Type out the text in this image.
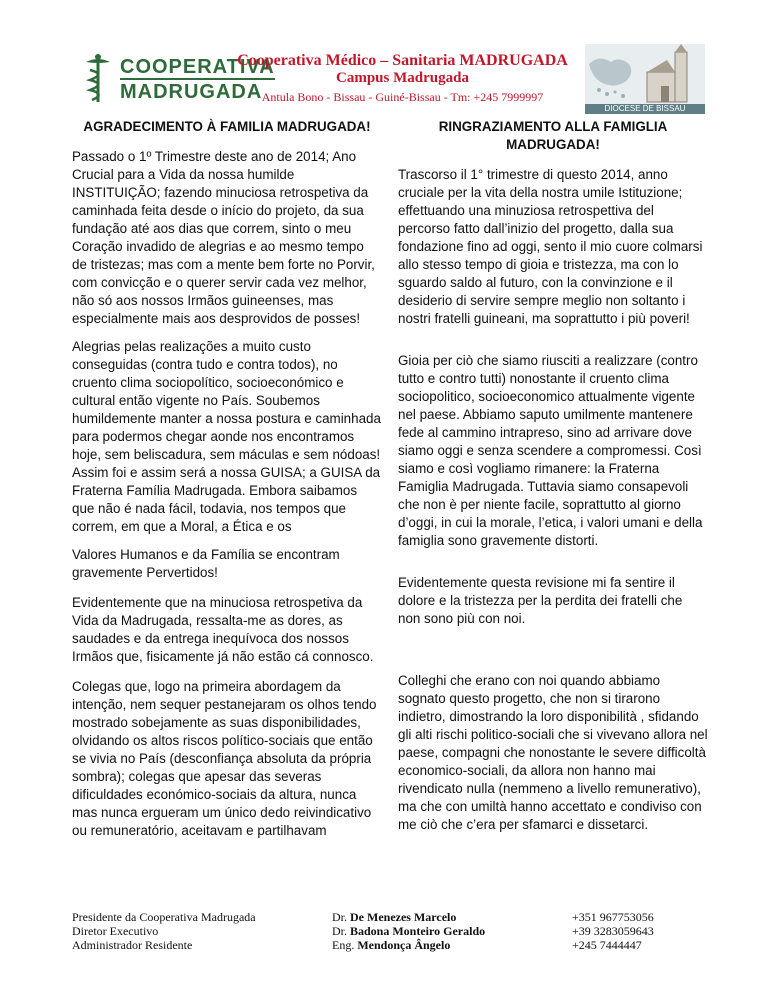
COOPERATIVA
MADRUGADA
Cooperativa Médico – Sanitaria MADRUGADA
Campus Madrugada
Antula Bono - Bissau - Guiné-Bissau - Tm: +245 7999997
DIOCESE DE BISSAU
AGRADECIMENTO À FAMILIA MADRUGADA!

Passado o 1º Trimestre deste ano de 2014; Ano Crucial para a Vida da nossa humilde INSTITUIÇÃO; fazendo minuciosa retrospetiva da caminhada feita desde o início do projeto, da sua fundação até aos dias que correm, sinto o meu Coração invadido de alegrias e ao mesmo tempo de tristezas; mas com a mente bem forte no Porvir, com convicção e o querer servir cada vez melhor, não só aos nossos Irmãos guineenses, mas especialmente mais aos desprovidos de posses!

Alegrias pelas realizações a muito custo conseguidas (contra tudo e contra todos), no cruento clima sociopolítico, socioeconómico e cultural então vigente no País. Soubemos humildemente manter a nossa postura e caminhada para podermos chegar aonde nos encontramos hoje, sem beliscadura, sem máculas e sem nódoas! Assim foi e assim será a nossa GUISA; a GUISA da Fraterna Família Madrugada. Embora saibamos que não é nada fácil, todavia, nos tempos que correm, em que a Moral, a Ética e os

Valores Humanos e da Família se encontram gravemente Pervertidos!

Evidentemente que na minuciosa retrospetiva da Vida da Madrugada, ressalta-me as dores, as saudades e da entrega inequívoca dos nossos Irmãos que, fisicamente já não estão cá connosco.

Colegas que, logo na primeira abordagem da intenção, nem sequer pestanejaram os olhos tendo mostrado sobejamente as suas disponibilidades, olvidando os altos riscos político-sociais que então se vivia no País (desconfiança absoluta da própria sombra); colegas que apesar das severas dificuldades económico-sociais da altura, nunca mas nunca ergueram um único dedo reivindicativo ou remuneratório, aceitavam e partilhavam

RINGRAZIAMENTO ALLA FAMIGLIA MADRUGADA!

Trascorso il 1° trimestre di questo 2014, anno cruciale per la vita della nostra umile Istituzione; effettuando una minuziosa retrospettiva del percorso fatto dall’inizio del progetto, dalla sua fondazione fino ad oggi, sento il mio cuore colmarsi allo stesso tempo di gioia e tristezza, ma con lo sguardo saldo al futuro, con la convinzione e il desiderio di servire sempre meglio non soltanto i nostri fratelli guineani, ma soprattutto i più poveri!

Gioia per ciò che siamo riusciti a realizzare (contro tutto e contro tutti) nonostante il cruento clima sociopolitico, socioeconomico attualmente vigente nel paese. Abbiamo saputo umilmente mantenere fede al cammino intrapreso, sino ad arrivare dove siamo oggi e senza scendere a compromessi. Così siamo e così vogliamo rimanere: la Fraterna Famiglia Madrugada. Tuttavia siamo consapevoli che non è per niente facile, soprattutto al giorno d’oggi, in cui la morale, l’etica, i valori umani e della famiglia sono gravemente distorti.

Evidentemente questa revisione mi fa sentire il dolore e la tristezza per la perdita dei fratelli che non sono più con noi.

Colleghi che erano con noi quando abbiamo sognato questo progetto, che non si tirarono indietro, dimostrando la loro disponibilità , sfidando gli alti rischi politico-sociali che si vivevano allora nel paese, compagni che nonostante le severe difficoltà economico-sociali, da allora non hanno mai rivendicato nulla (nemmeno a livello remunerativo), ma che con umiltà hanno accettato e condiviso con me ciò che c’era per sfamarci e dissetarci.

Presidente da Cooperativa Madrugada
Diretor Executivo
Administrador Residente
Dr. De Menezes Marcelo
Dr. Badona Monteiro Geraldo
Eng. Mendonça Ângelo
+351 967753056
+39 3283059643
+245 7444447
